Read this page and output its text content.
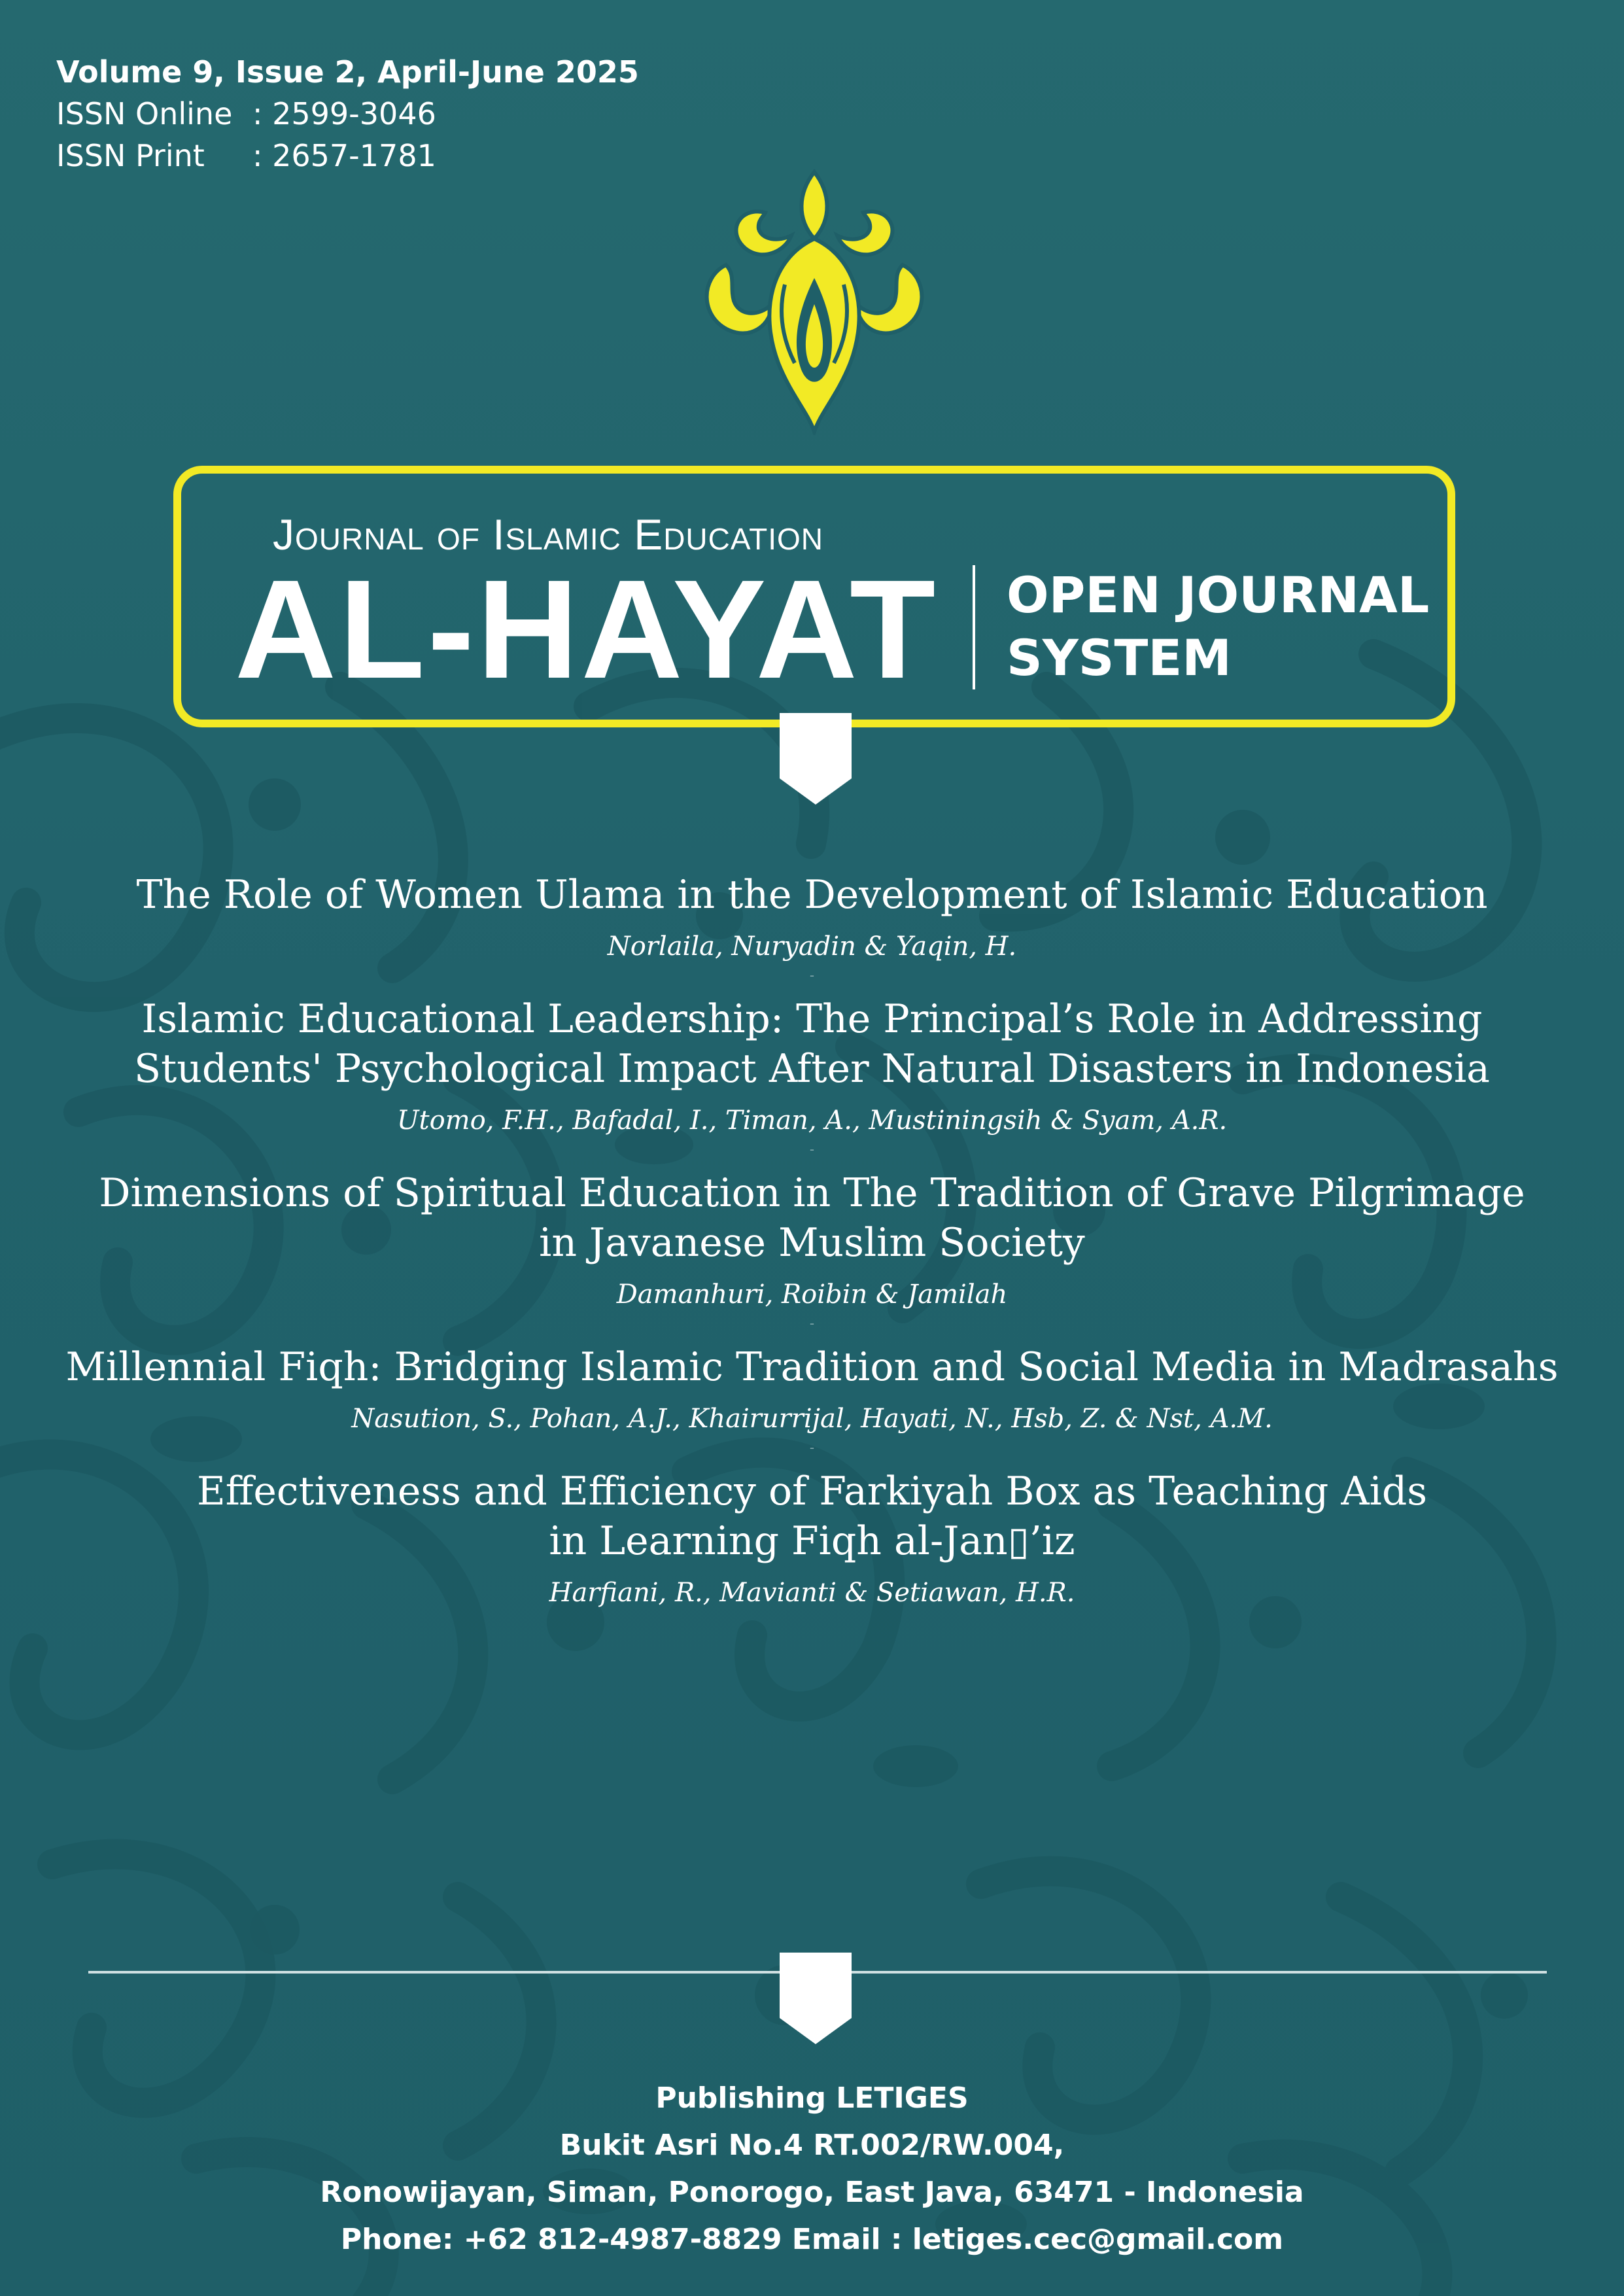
Volume 9, Issue 2, April-June 2025
ISSN Online : 2599-3046
ISSN Print : 2657-1781
Journal of Islamic Education
AL-HAYAT OPEN JOURNAL
SYSTEM
The Role of Women Ulama in the Development of Islamic Education
Norlaila, Nuryadin & Yaqin, H.
-
Islamic Educational Leadership: The Principal’s Role in Addressing
Students' Psychological Impact After Natural Disasters in Indonesia
Utomo, F.H., Bafadal, I., Timan, A., Mustiningsih & Syam, A.R.
-
Dimensions of Spiritual Education in The Tradition of Grave Pilgrimage
in Javanese Muslim Society
Damanhuri, Roibin & Jamilah
-
Millennial Fiqh: Bridging Islamic Tradition and Social Media in Madrasahs
Nasution, S., Pohan, A.J., Khairurrijal, Hayati, N., Hsb, Z. & Nst, A.M.
-
Effectiveness and Efficiency of Farkiyah Box as Teaching Aids
in Learning Fiqh al-Jan▯’iz
Harfiani, R., Mavianti & Setiawan, H.R.
Publishing LETIGES
Bukit Asri No.4 RT.002/RW.004,
Ronowijayan, Siman, Ponorogo, East Java, 63471 - Indonesia
Phone: +62 812-4987-8829 Email : letiges.cec@gmail.com
